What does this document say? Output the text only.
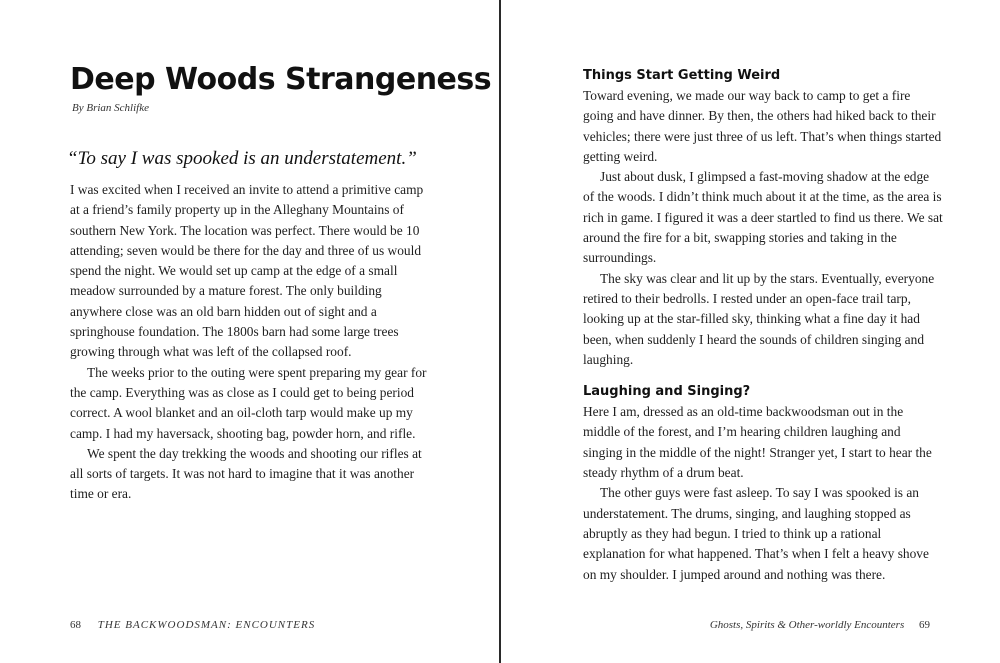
Deep Woods Strangeness
By Brian Schlifke
“To say I was spooked is an understatement.”

I was excited when I received an invite to attend a primitive camp at a friend’s family property up in the Alleghany Mountains of southern New York. The location was perfect. There would be 10 attending; seven would be there for the day and three of us would spend the night. We would set up camp at the edge of a small meadow surrounded by a mature forest. The only building anywhere close was an old barn hidden out of sight and a springhouse foundation. The 1800s barn had some large trees growing through what was left of the collapsed roof.

The weeks prior to the outing were spent preparing my gear for the camp. Everything was as close as I could get to being period correct. A wool blanket and an oil-cloth tarp would make up my camp. I had my haversack, shooting bag, powder horn, and rifle.

We spent the day trekking the woods and shooting our rifles at all sorts of targets. It was not hard to imagine that it was another time or era.

68 THE BACKWOODSMAN: ENCOUNTERS
Things Start Getting Weird

Toward evening, we made our way back to camp to get a fire going and have dinner. By then, the others had hiked back to their vehicles; there were just three of us left. That’s when things started getting weird.

Just about dusk, I glimpsed a fast-moving shadow at the edge of the woods. I didn’t think much about it at the time, as the area is rich in game. I figured it was a deer startled to find us there. We sat around the fire for a bit, swapping stories and taking in the surroundings.

The sky was clear and lit up by the stars. Eventually, everyone retired to their bedrolls. I rested under an open-face trail tarp, looking up at the star-filled sky, thinking what a fine day it had been, when suddenly I heard the sounds of children singing and laughing.

Laughing and Singing?

Here I am, dressed as an old-time backwoodsman out in the middle of the forest, and I’m hearing children laughing and singing in the middle of the night! Stranger yet, I start to hear the steady rhythm of a drum beat.

The other guys were fast asleep. To say I was spooked is an understatement. The drums, singing, and laughing stopped as abruptly as they had begun. I tried to think up a rational explanation for what happened. That’s when I felt a heavy shove on my shoulder. I jumped around and nothing was there.

Ghosts, Spirits & Other-worldly Encounters 69
